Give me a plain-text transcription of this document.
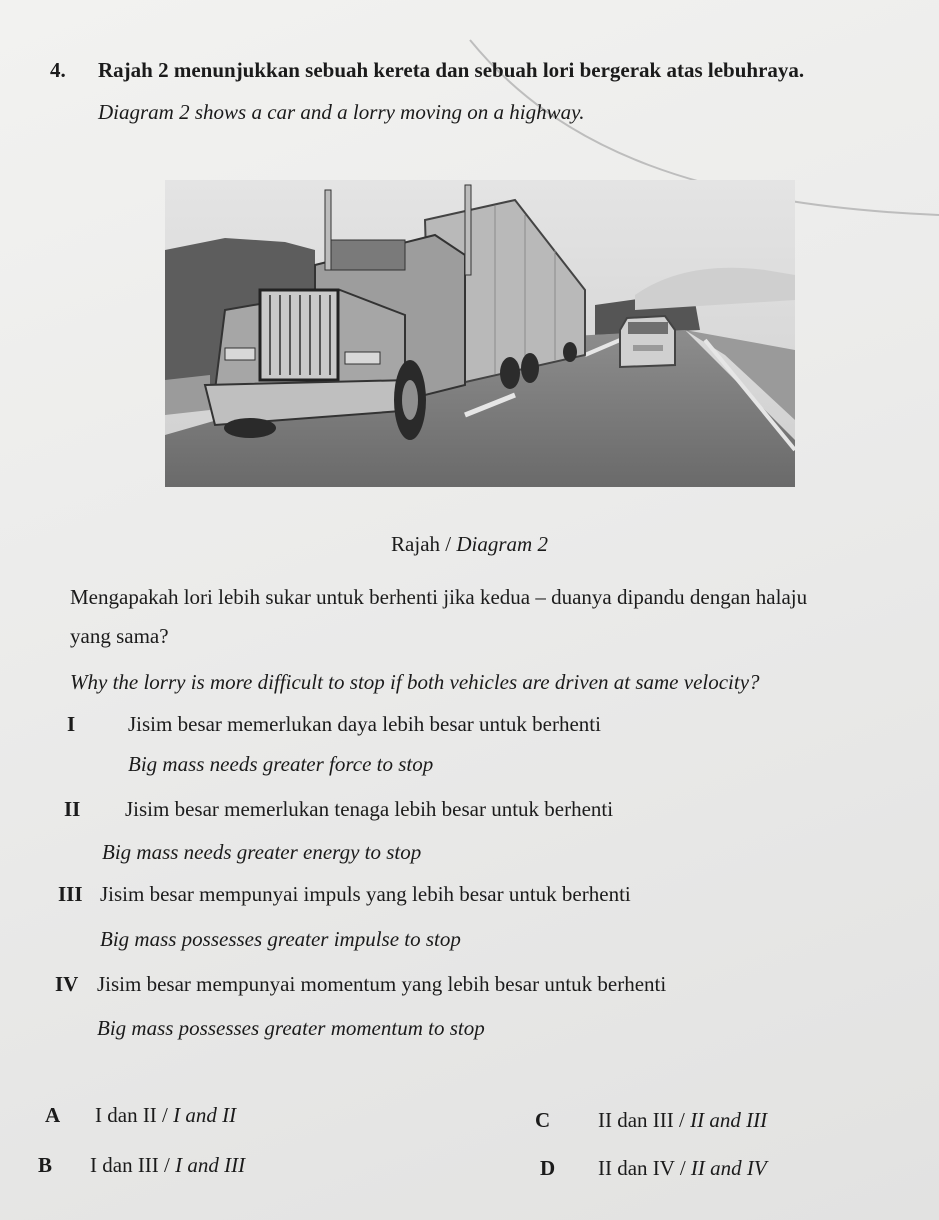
4. Rajah 2 menunjukkan sebuah kereta dan sebuah lori bergerak atas lebuhraya.
Diagram 2 shows a car and a lorry moving on a highway.
Rajah / Diagram 2
Mengapakah lori lebih sukar untuk berhenti jika kedua – duanya dipandu dengan halaju
yang sama?
Why the lorry is more difficult to stop if both vehicles are driven at same velocity?
I	Jisim besar memerlukan daya lebih besar untuk berhenti
Big mass needs greater force to stop
II Jisim besar memerlukan tenaga lebih besar untuk berhenti
Big mass needs greater energy to stop
III Jisim besar mempunyai impuls yang lebih besar untuk berhenti
Big mass possesses greater impulse to stop
IV Jisim besar mempunyai momentum yang lebih besar untuk berhenti
Big mass possesses greater momentum to stop
A I dan II / I and II
B I dan III / I and III
C II dan III / II and III
D II dan IV / II and IV
